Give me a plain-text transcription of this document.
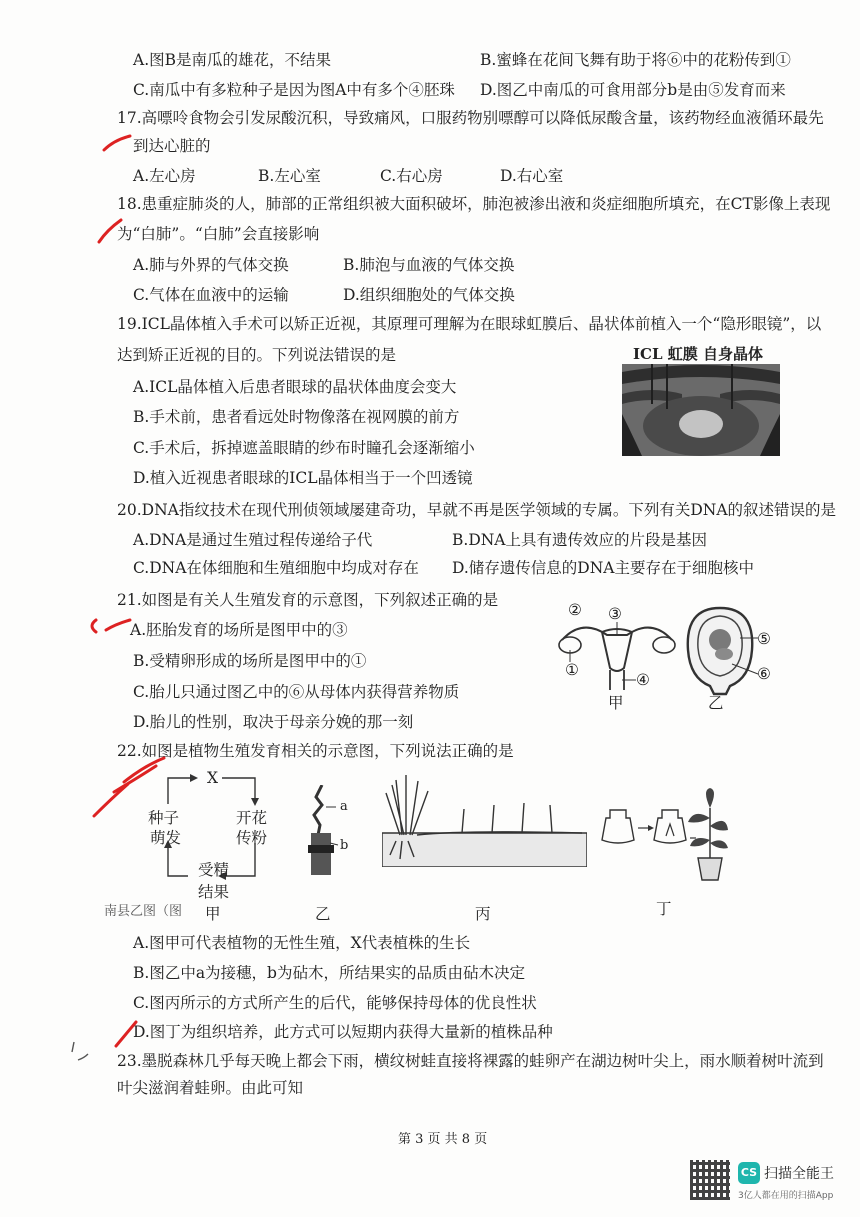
A.图B是南瓜的雄花，不结果	B.蜜蜂在花间飞舞有助于将⑥中的花粉传到①
C.南瓜中有多粒种子是因为图A中有多个④胚珠 D.图乙中南瓜的可食用部分b是由⑤发育而来
17.高嘌呤食物会引发尿酸沉积，导致痛风，口服药物别嘌醇可以降低尿酸含量，该药物经血液循环最先
到达心脏的
A.左心房	B.左心室	C.右心房	D.右心室
18.患重症肺炎的人，肺部的正常组织被大面积破坏，肺泡被渗出液和炎症细胞所填充，在CT影像上表现
为“白肺”。“白肺”会直接影响
A.肺与外界的气体交换	B.肺泡与血液的气体交换
C.气体在血液中的运输	D.组织细胞处的气体交换
19.ICL晶体植入手术可以矫正近视，其原理可理解为在眼球虹膜后、晶状体前植入一个“隐形眼镜”，以
达到矫正近视的目的。下列说法错误的是	ICL 虹膜 自身晶体
A.ICL晶体植入后患者眼球的晶状体曲度会变大
B.手术前，患者看远处时物像落在视网膜的前方
C.手术后，拆掉遮盖眼睛的纱布时瞳孔会逐渐缩小
D.植入近视患者眼球的ICL晶体相当于一个凹透镜
20.DNA指纹技术在现代刑侦领域屡建奇功，早就不再是医学领域的专属。下列有关DNA的叙述错误的是
A.DNA是通过生殖过程传递给子代	B.DNA上具有遗传效应的片段是基因
C.DNA在体细胞和生殖细胞中均成对存在 D.储存遗传信息的DNA主要存在于细胞核中
21.如图是有关人生殖发育的示意图，下列叙述正确的是
A.胚胎发育的场所是图甲中的③
B.受精卵形成的场所是图甲中的①
C.胎儿只通过图乙中的⑥从母体内获得营养物质
D.胎儿的性别，取决于母亲分娩的那一刻
② ③
①
④
甲
⑤
⑥
乙
22.如图是植物生殖发育相关的示意图，下列说法正确的是
X
开花
传粉
种子
萌发
受精
结果
南县乙图（图 甲
a
b
乙	丙	丁
A.图甲可代表植物的无性生殖，X代表植株的生长
B.图乙中a为接穗，b为砧木，所结果实的品质由砧木决定
C.图丙所示的方式所产生的后代，能够保持母体的优良性状
D.图丁为组织培养，此方式可以短期内获得大量新的植株品种
23.墨脱森林几乎每天晚上都会下雨，横纹树蛙直接将裸露的蛙卵产在湖边树叶尖上，雨水顺着树叶流到
叶尖滋润着蛙卵。由此可知
第 3 页 共 8 页
CS 扫描全能王
3亿人都在用的扫描App
